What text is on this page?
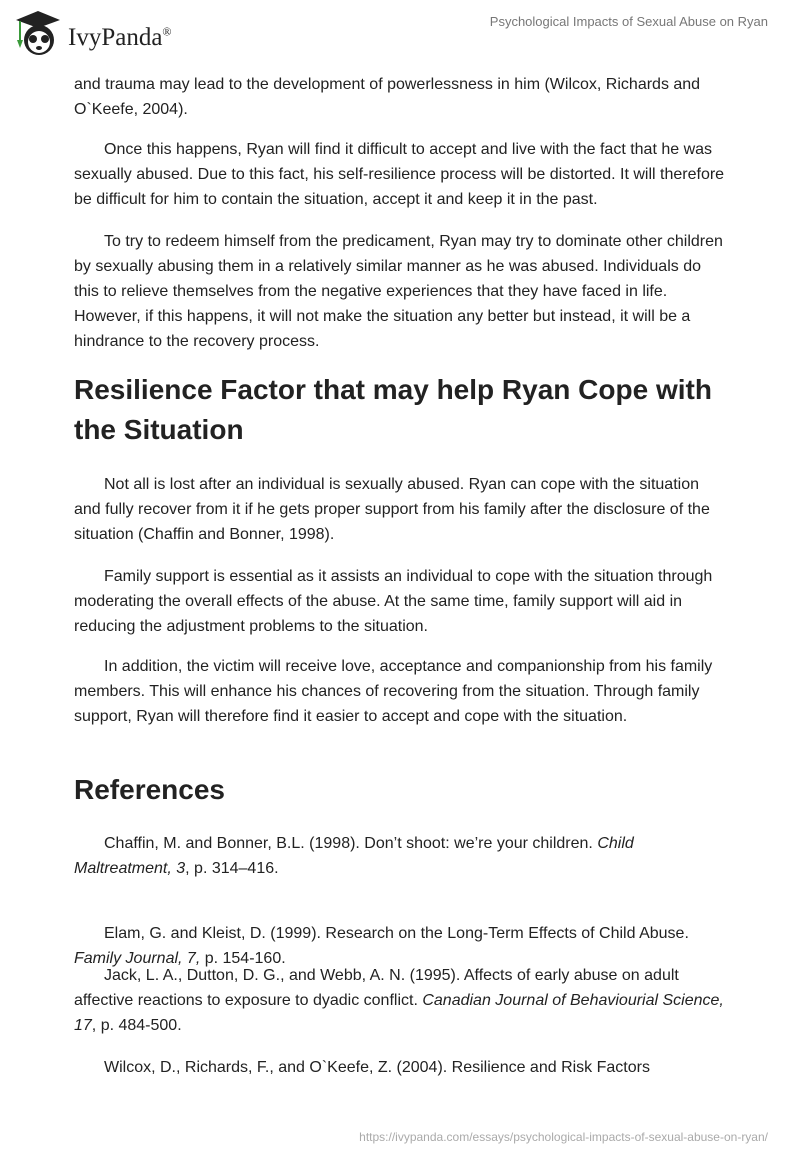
IvyPanda®
Psychological Impacts of Sexual Abuse on Ryan

and trauma may lead to the development of powerlessness in him (Wilcox, Richards and O`Keefe, 2004).

Once this happens, Ryan will find it difficult to accept and live with the fact that he was sexually abused. Due to this fact, his self-resilience process will be distorted. It will therefore be difficult for him to contain the situation, accept it and keep it in the past.

To try to redeem himself from the predicament, Ryan may try to dominate other children by sexually abusing them in a relatively similar manner as he was abused. Individuals do this to relieve themselves from the negative experiences that they have faced in life. However, if this happens, it will not make the situation any better but instead, it will be a hindrance to the recovery process.

Resilience Factor that may help Ryan Cope with the Situation

Not all is lost after an individual is sexually abused. Ryan can cope with the situation and fully recover from it if he gets proper support from his family after the disclosure of the situation (Chaffin and Bonner, 1998).

Family support is essential as it assists an individual to cope with the situation through moderating the overall effects of the abuse. At the same time, family support will aid in reducing the adjustment problems to the situation.

In addition, the victim will receive love, acceptance and companionship from his family members. This will enhance his chances of recovering from the situation. Through family support, Ryan will therefore find it easier to accept and cope with the situation.

References

Chaffin, M. and Bonner, B.L. (1998). Don’t shoot: we’re your children. Child Maltreatment, 3, p. 314–416.

Elam, G. and Kleist, D. (1999). Research on the Long-Term Effects of Child Abuse. Family Journal, 7, p. 154-160.

Jack, L. A., Dutton, D. G., and Webb, A. N. (1995). Affects of early abuse on adult affective reactions to exposure to dyadic conflict. Canadian Journal of Behaviourial Science, 17, p. 484-500.

Wilcox, D., Richards, F., and O`Keefe, Z. (2004). Resilience and Risk Factors

https://ivypanda.com/essays/psychological-impacts-of-sexual-abuse-on-ryan/
